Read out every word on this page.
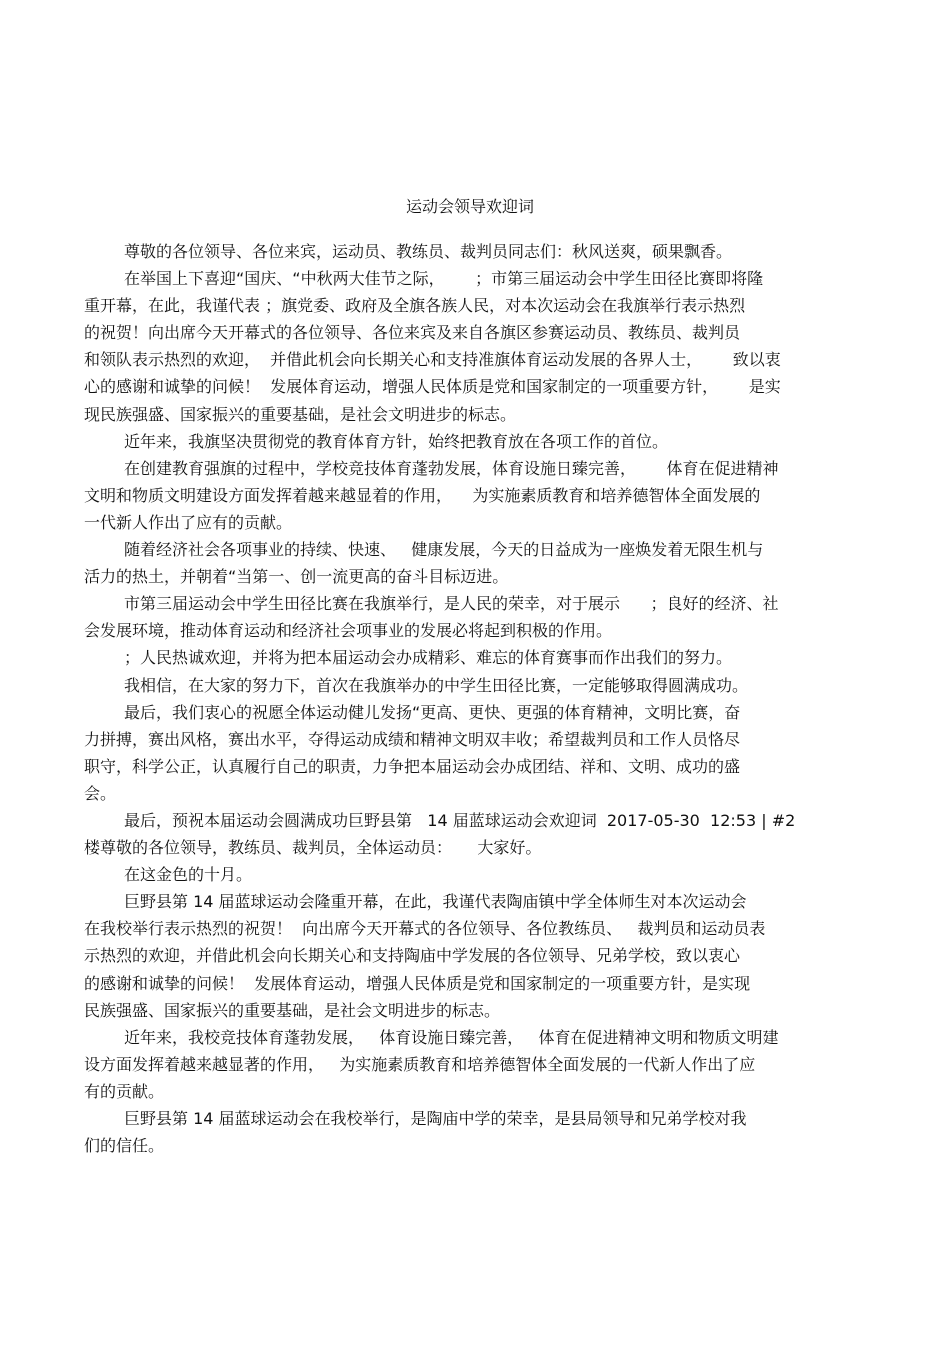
运动会领导欢迎词
尊敬的各位领导、各位来宾，运动员、教练员、裁判员同志们：秋风送爽，硕果飘香。
在举国上下喜迎“国庆、“中秋两大佳节之际，      ；市第三届运动会中学生田径比赛即将隆
重开幕，在此，我谨代表 ；旗党委、政府及全旗各族人民，对本次运动会在我旗举行表示热烈
的祝贺！向出席今天开幕式的各位领导、各位来宾及来自各旗区参赛运动员、教练员、裁判员
和领队表示热烈的欢迎，  并借此机会向长期关心和支持准旗体育运动发展的各界人士，      致以衷
心的感谢和诚挚的问候！  发展体育运动，增强人民体质是党和国家制定的一项重要方针，      是实
现民族强盛、国家振兴的重要基础，是社会文明进步的标志。
近年来，我旗坚决贯彻党的教育体育方针，始终把教育放在各项工作的首位。
在创建教育强旗的过程中，学校竞技体育蓬勃发展，体育设施日臻完善，      体育在促进精神
文明和物质文明建设方面发挥着越来越显着的作用，    为实施素质教育和培养德智体全面发展的
一代新人作出了应有的贡献。
随着经济社会各项事业的持续、快速、   健康发展，今天的日益成为一座焕发着无限生机与
活力的热土，并朝着“当第一、创一流更高的奋斗目标迈进。
市第三届运动会中学生田径比赛在我旗举行，是人民的荣幸，对于展示      ；良好的经济、社
会发展环境，推动体育运动和经济社会项事业的发展必将起到积极的作用。
；人民热诚欢迎，并将为把本届运动会办成精彩、难忘的体育赛事而作出我们的努力。
我相信，在大家的努力下，首次在我旗举办的中学生田径比赛，一定能够取得圆满成功。
最后，我们衷心的祝愿全体运动健儿发扬“更高、更快、更强的体育精神，文明比赛，奋
力拼搏，赛出风格，赛出水平，夺得运动成绩和精神文明双丰收；希望裁判员和工作人员恪尽
职守，科学公正，认真履行自己的职责，力争把本届运动会办成团结、祥和、文明、成功的盛
会。
最后，预祝本届运动会圆满成功巨野县第   14 届蓝球运动会欢迎词  2017-05-30  12:53 | #2
楼尊敬的各位领导，教练员、裁判员，全体运动员：     大家好。
在这金色的十月。
巨野县第 14 届蓝球运动会隆重开幕，在此，我谨代表陶庙镇中学全体师生对本次运动会
在我校举行表示热烈的祝贺！  向出席今天开幕式的各位领导、各位教练员、   裁判员和运动员表
示热烈的欢迎，并借此机会向长期关心和支持陶庙中学发展的各位领导、兄弟学校，致以衷心
的感谢和诚挚的问候！  发展体育运动，增强人民体质是党和国家制定的一项重要方针，是实现
民族强盛、国家振兴的重要基础，是社会文明进步的标志。
近年来，我校竞技体育蓬勃发展，   体育设施日臻完善，   体育在促进精神文明和物质文明建
设方面发挥着越来越显著的作用，   为实施素质教育和培养德智体全面发展的一代新人作出了应
有的贡献。
巨野县第 14 届蓝球运动会在我校举行，是陶庙中学的荣幸，是县局领导和兄弟学校对我
们的信任。
